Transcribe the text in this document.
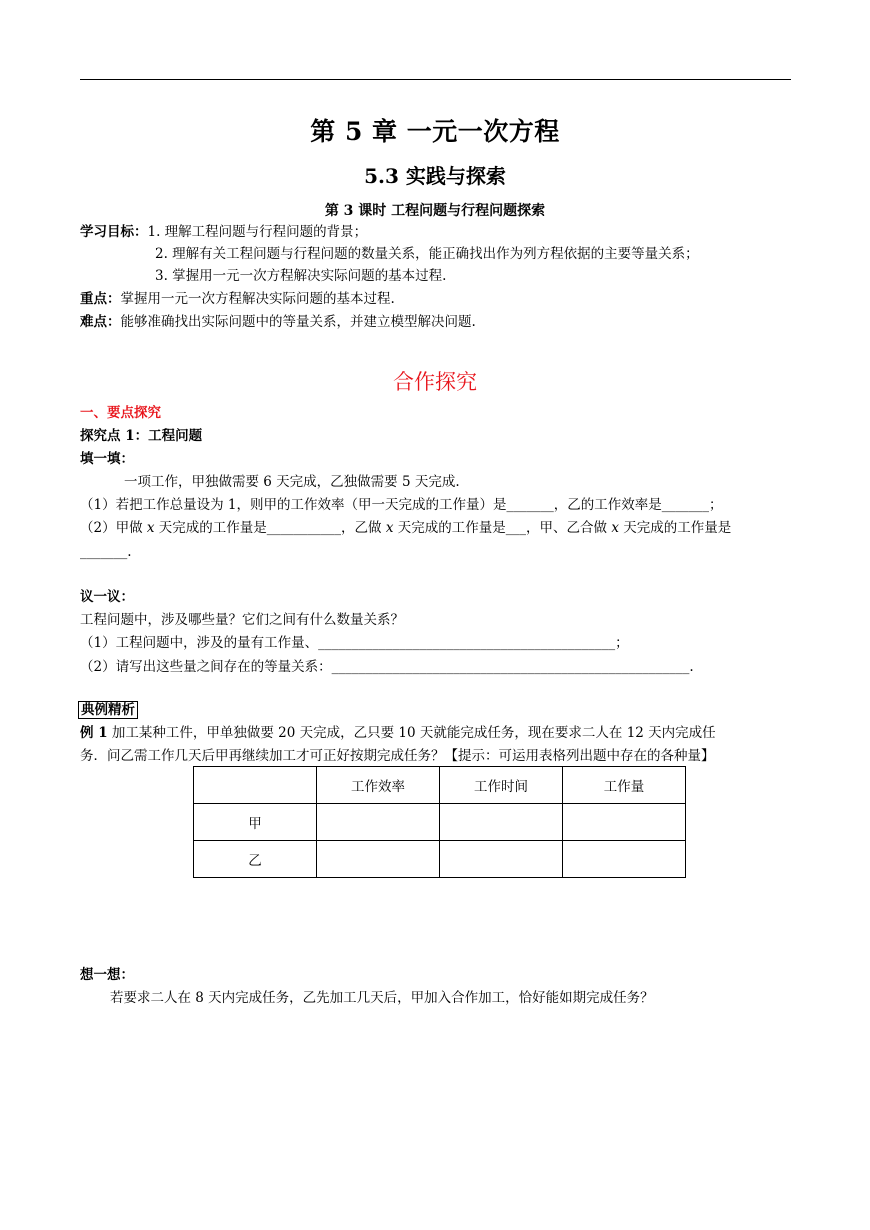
第 5 章 一元一次方程
5.3 实践与探索
第 3 课时 工程问题与行程问题探索
学习目标：1. 理解工程问题与行程问题的背景；
2. 理解有关工程问题与行程问题的数量关系，能正确找出作为列方程依据的主要等量关系；
3. 掌握用一元一次方程解决实际问题的基本过程.
重点：掌握用一元一次方程解决实际问题的基本过程.
难点：能够准确找出实际问题中的等量关系，并建立模型解决问题.
合作探究
一、要点探究
探究点 1：工程问题
填一填：
一项工作，甲独做需要 6 天完成，乙独做需要 5 天完成.
（1）若把工作总量设为 1，则甲的工作效率（甲一天完成的工作量）是_______，乙的工作效率是_______；
（2）甲做 x 天完成的工作量是___________，乙做 x 天完成的工作量是___，甲、乙合做 x 天完成的工作量是
_______.
议一议：
工程问题中，涉及哪些量？它们之间有什么数量关系？
（1）工程问题中，涉及的量有工作量、____________________________________________；
（2）请写出这些量之间存在的等量关系：_____________________________________________________.
典例精析
例 1 加工某种工件，甲单独做要 20 天完成，乙只要 10 天就能完成任务，现在要求二人在 12 天内完成任
务．问乙需工作几天后甲再继续加工才可正好按期完成任务？【提示：可运用表格列出题中存在的各种量】
	工作效率	工作时间	工作量
甲			
乙			
想一想：
若要求二人在 8 天内完成任务，乙先加工几天后，甲加入合作加工，恰好能如期完成任务？
